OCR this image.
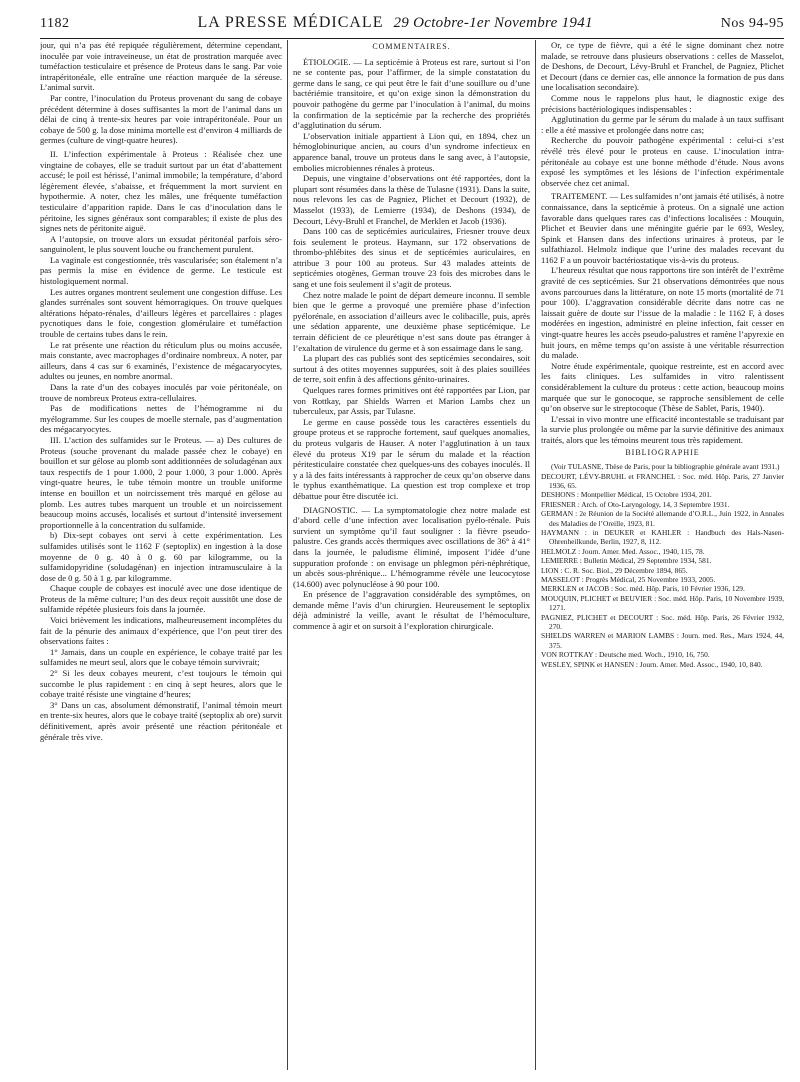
1182	LA PRESSE MÉDICALE 29 Octobre-1er Novembre 1941	Nos 94-95

jour, qui n’a pas été repiquée régulièrement, détermine cependant, inoculée par voie intraveineuse, un état de prostration marquée avec tuméfaction testiculaire et présence de Proteus dans le sang. Par voie intrapéritonéale, elle entraîne une réaction marquée de la séreuse. L’animal survit.

Par contre, l’inoculation du Proteus provenant du sang de cobaye précédent détermine à doses suffisantes la mort de l’animal dans un délai de cinq à trente-six heures par voie intrapéritonéale. Pour un cobaye de 500 g. la dose minima mortelle est d’environ 4 milliards de germes (culture de vingt-quatre heures).

II. L’infection expérimentale à Proteus : Réalisée chez une vingtaine de cobayes, elle se traduit surtout par un état d’abattement accusé; le poil est hérissé, l’animal immobile; la température, d’abord légèrement élevée, s’abaisse, et fréquemment la mort survient en hypothermie. A noter, chez les mâles, une fréquente tuméfaction testiculaire d’apparition rapide. Dans le cas d’inoculation dans le péritoine, les signes généraux sont comparables; il existe de plus des signes nets de péritonite aiguë.

A l’autopsie, on trouve alors un exsudat péritonéal parfois séro-sanguinolent, le plus souvent louche ou franchement purulent.

La vaginale est congestionnée, très vascularisée; son étalement n’a pas permis la mise en évidence de germe. Le testicule est histologiquement normal.

Les autres organes montrent seulement une congestion diffuse. Les glandes surrénales sont souvent hémorragiques. On trouve quelques altérations hépato-rénales, d’ailleurs légères et parcellaires : plages pycnotiques dans le foie, congestion glomérulaire et tuméfaction trouble de certains tubes dans le rein.

Le rat présente une réaction du réticulum plus ou moins accusée, mais constante, avec macrophages d’ordinaire nombreux. A noter, par ailleurs, dans 4 cas sur 6 examinés, l’existence de mégacaryocytes, adultes ou jeunes, en nombre anormal.

Dans la rate d’un des cobayes inoculés par voie péritonéale, on trouve de nombreux Proteus extra-cellulaires.

Pas de modifications nettes de l’hémogramme ni du myélogramme. Sur les coupes de moelle sternale, pas d’augmentation des mégacaryocytes.

III. L’action des sulfamides sur le Proteus. — a) Des cultures de Proteus (souche provenant du malade passée chez le cobaye) en bouillon et sur gélose au plomb sont additionnées de soludagénan aux taux respectifs de 1 pour 1.000, 2 pour 1.000, 3 pour 1.000. Après vingt-quatre heures, le tube témoin montre un trouble uniforme intense en bouillon et un noircissement très marqué en gélose au plomb. Les autres tubes marquent un trouble et un noircissement beaucoup moins accusés, localisés et surtout d’intensité inversement proportionnelle à la concentration du sulfamide.

b) Dix-sept cobayes ont servi à cette expérimentation. Les sulfamides utilisés sont le 1162 F (septoplix) en ingestion à la dose moyenne de 0 g. 40 à 0 g. 60 par kilogramme, ou la sulfamidopyridine (soludagénan) en injection intramusculaire à la dose de 0 g. 50 à 1 g. par kilogramme.

Chaque couple de cobayes est inoculé avec une dose identique de Proteus de la même culture; l’un des deux reçoit aussitôt une dose de sulfamide répétée plusieurs fois dans la journée.

Voici brièvement les indications, malheureusement incomplètes du fait de la pénurie des animaux d’expérience, que l’on peut tirer des observations faites :

1° Jamais, dans un couple en expérience, le cobaye traité par les sulfamides ne meurt seul, alors que le cobaye témoin survivrait;

2° Si les deux cobayes meurent, c’est toujours le témoin qui succombe le plus rapidement : en cinq à sept heures, alors que le cobaye traité résiste une vingtaine d’heures;

3° Dans un cas, absolument démonstratif, l’animal témoin meurt en trente-six heures, alors que le cobaye traité (septoplix ab ore) survit définitivement, après avoir présenté une réaction péritonéale et générale très vive.

COMMENTAIRES.

ÉTIOLOGIE. — La septicémie à Proteus est rare, surtout si l’on ne se contente pas, pour l’affirmer, de la simple constatation du germe dans le sang, ce qui peut être le fait d’une souillure ou d’une bactériémie transitoire, et qu’on exige sinon la démonstration du pouvoir pathogène du germe par l’inoculation à l’animal, du moins la confirmation de la septicémie par la recherche des propriétés d’agglutination du sérum.

L’observation initiale appartient à Lion qui, en 1894, chez un hémoglobinurique ancien, au cours d’un syndrome infectieux en apparence banal, trouve un proteus dans le sang avec, à l’autopsie, embolies microbiennes rénales à proteus.

Depuis, une vingtaine d’observations ont été rapportées, dont la plupart sont résumées dans la thèse de Tulasne (1931). Dans la suite, nous relevons les cas de Pagniez, Plichet et Decourt (1932), de Masselot (1933), de Lemierre (1934), de Deshons (1934), de Decourt, Lévy-Bruhl et Franchel, de Merklen et Jacob (1936).

Dans 100 cas de septicémies auriculaires, Friesner trouve deux fois seulement le proteus. Haymann, sur 172 observations de thrombo-phlébites des sinus et de septicémies auriculaires, en attribue 3 pour 100 au proteus. Sur 43 malades atteints de septicémies otogènes, German trouve 23 fois des microbes dans le sang et une fois seulement il s’agit de proteus.

Chez notre malade le point de départ demeure inconnu. Il semble bien que le germe a provoqué une première phase d’infection pyélorénale, en association d’ailleurs avec le colibacille, puis, après une sédation apparente, une deuxième phase septicémique. Le terrain déficient de ce pleurétique n’est sans doute pas étranger à l’exaltation de virulence du germe et à son essaimage dans le sang.

La plupart des cas publiés sont des septicémies secondaires, soit surtout à des otites moyennes suppurées, soit à des plaies souillées de terre, soit enfin à des affections génito-urinaires.

Quelques rares formes primitives ont été rapportées par Lion, par von Rottkay, par Shields Warren et Marion Lambs chez un tuberculeux, par Assis, par Tulasne.

Le germe en cause possède tous les caractères essentiels du groupe proteus et se rapproche fortement, sauf quelques anomalies, du proteus vulgaris de Hauser. A noter l’agglutination à un taux élevé du proteus X19 par le sérum du malade et la réaction péritesticulaire constatée chez quelques-uns des cobayes inoculés. Il y a là des faits intéressants à rapprocher de ceux qu’on observe dans le typhus exanthématique. La question est trop complexe et trop débattue pour être discutée ici.

DIAGNOSTIC. — La symptomatologie chez notre malade est d’abord celle d’une infection avec localisation pyélo-rénale. Puis survient un symptôme qu’il faut souligner : la fièvre pseudo-palustre. Ces grands accès thermiques avec oscillations de 36° à 41° dans la journée, le paludisme éliminé, imposent l’idée d’une suppuration profonde : on envisage un phlegmon péri-néphrétique, un abcès sous-phrénique... L’hémogramme révèle une leucocytose (14.600) avec polynucléose à 90 pour 100.

En présence de l’aggravation considérable des symptômes, on demande même l’avis d’un chirurgien. Heureusement le septoplix déjà administré la veille, avant le résultat de l’hémoculture, commence à agir et on sursoit à l’exploration chirurgicale.

Or, ce type de fièvre, qui a été le signe dominant chez notre malade, se retrouve dans plusieurs observations : celles de Masselot, de Deshons, de Decourt, Lévy-Bruhl et Franchel, de Pagniez, Plichet et Decourt (dans ce dernier cas, elle annonce la formation de pus dans une localisation secondaire).

Comme nous le rappelons plus haut, le diagnostic exige des précisions bactériologiques indispensables :

Agglutination du germe par le sérum du malade à un taux suffisant : elle a été massive et prolongée dans notre cas;

Recherche du pouvoir pathogène expérimental : celui-ci s’est révélé très élevé pour le proteus en cause. L’inoculation intra-péritonéale au cobaye est une bonne méthode d’étude. Nous avons exposé les symptômes et les lésions de l’infection expérimentale observée chez cet animal.

TRAITEMENT. — Les sulfamides n’ont jamais été utilisés, à notre connaissance, dans la septicémie à proteus. On a signalé une action favorable dans quelques rares cas d’infections localisées : Mouquin, Plichet et Beuvier dans une méningite guérie par le 693, Wesley, Spink et Hansen dans des infections urinaires à proteus, par le sulfathiazol. Helmolz indique que l’urine des malades recevant du 1162 F a un pouvoir bactériostatique vis-à-vis du proteus.

L’heureux résultat que nous rapportons tire son intérêt de l’extrême gravité de ces septicémies. Sur 21 observations démontrées que nous avons parcourues dans la littérature, on note 15 morts (mortalité de 71 pour 100). L’aggravation considérable décrite dans notre cas ne laissait guère de doute sur l’issue de la maladie : le 1162 F, à doses modérées en ingestion, administré en pleine infection, fait cesser en vingt-quatre heures les accès pseudo-palustres et ramène l’apyrexie en huit jours, en même temps qu’on assiste à une véritable résurrection du malade.

Notre étude expérimentale, quoique restreinte, est en accord avec les faits cliniques. Les sulfamides in vitro ralentissent considérablement la culture du proteus : cette action, beaucoup moins marquée que sur le gonocoque, se rapproche sensiblement de celle qu’on observe sur le streptocoque (Thèse de Sablet, Paris, 1940).

L’essai in vivo montre une efficacité incontestable se traduisant par la survie plus prolongée ou même par la survie définitive des animaux traités, alors que les témoins meurent tous très rapidement.

BIBLIOGRAPHIE

(Voir TULASNE, Thèse de Paris, pour la bibliographie générale avant 1931.)

DECOURT, LÉVY-BRUHL et FRANCHEL : Soc. méd. Hôp. Paris, 27 Janvier 1936, 65.

DESHONS : Montpellier Médical, 15 Octobre 1934, 201.

FRIESNER : Arch. of Oto-Laryngology, 14, 3 Septembre 1931.

GERMAN : 2e Réunion de la Société allemande d’O.R.L., Juin 1922, in Annales des Maladies de l’Oreille, 1923, 81.

HAYMANN : in DEUKER et KAHLER : Handbuch des Hals-Nasen-Ohrenheilkunde, Berlin, 1927, 8, 112.

HELMOLZ : Journ. Amer. Med. Assoc., 1940, 115, 78.

LEMIERRE : Bulletin Médical, 29 Septembre 1934, 581.

LION : C. R. Soc. Biol., 29 Décembre 1894, 865.

MASSELOT : Progrès Médical, 25 Novembre 1933, 2005.

MERKLEN et JACOB : Soc. méd. Hôp. Paris, 10 Février 1936, 129.

MOUQUIN, PLICHET et BEUVIER : Soc. méd. Hôp. Paris, 10 Novembre 1939, 1271.

PAGNIEZ, PLICHET et DECOURT : Soc. méd. Hôp. Paris, 26 Février 1932, 270.

SHIELDS WARREN et MARION LAMBS : Journ. med. Res., Mars 1924, 44, 375.

VON ROTTKAY : Deutsche med. Woch., 1910, 16, 750.

WESLEY, SPINK et HANSEN : Journ. Amer. Med. Assoc., 1940, 10, 840.
